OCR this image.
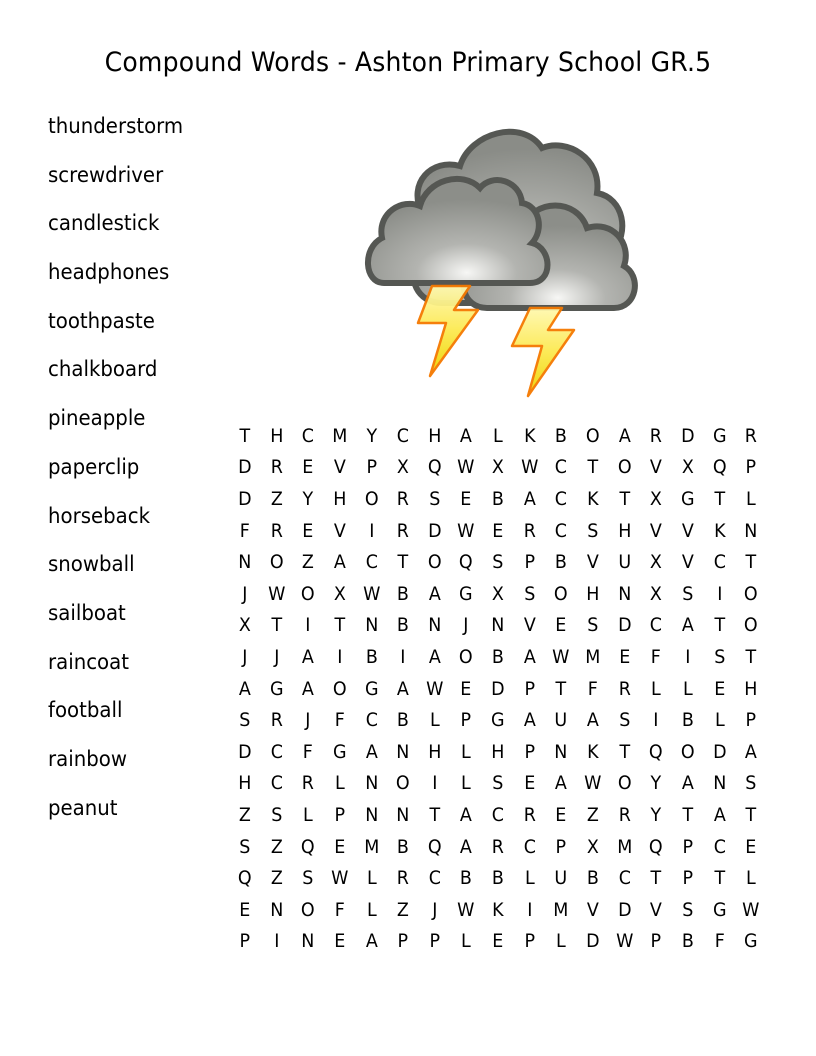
Compound Words - Ashton Primary School GR.5
thunderstorm
screwdriver
candlestick
headphones
toothpaste
chalkboard
pineapple
paperclip
horseback
snowball
sailboat
raincoat
football
rainbow
peanut
T	H C M Y	C H	A	L	K	B O A	R D G R
D R	E	V	P	X Q W X W C	T	O V	X Q	P
D Z	Y	H O R	S	E	B	A	C	K	T	X G	T	L
F	R	E	V	I	R D W E	R	C	S	H	V	V	K	N
N O Z	A	C	T	O Q	S	P	B	V	U	X	V	C	T
J	W O X W B	A G X	S	O H N	X	S	I	O
X	T	I	T	N	B	N	J	N	V	E	S	D C	A	T	O
J	J	A	I	B	I	A O B	A W M E	F	I	S	T
A G A O G A W E	D	P	T	F	R	L	L	E	H
S	R	J	F	C	B	L	P	G A	U	A	S	I	B	L	P
D C	F	G A	N H	L	H	P	N	K	T	Q O D A
H C	R	L	N O	I	L	S	E	A W O	Y	A	N	S
Z	S	L	P	N N	T	A	C	R	E	Z	R	Y	T	A	T
S	Z Q	E M B Q A	R	C	P	X M Q	P	C	E
Q Z	S W L	R	C	B	B	L	U	B	C	T	P	T	L
E	N O	F	L	Z	J	W K	I	M V D V	S	G W
P	I	N	E	A	P	P	L	E	P	L	D W P	B	F	G
